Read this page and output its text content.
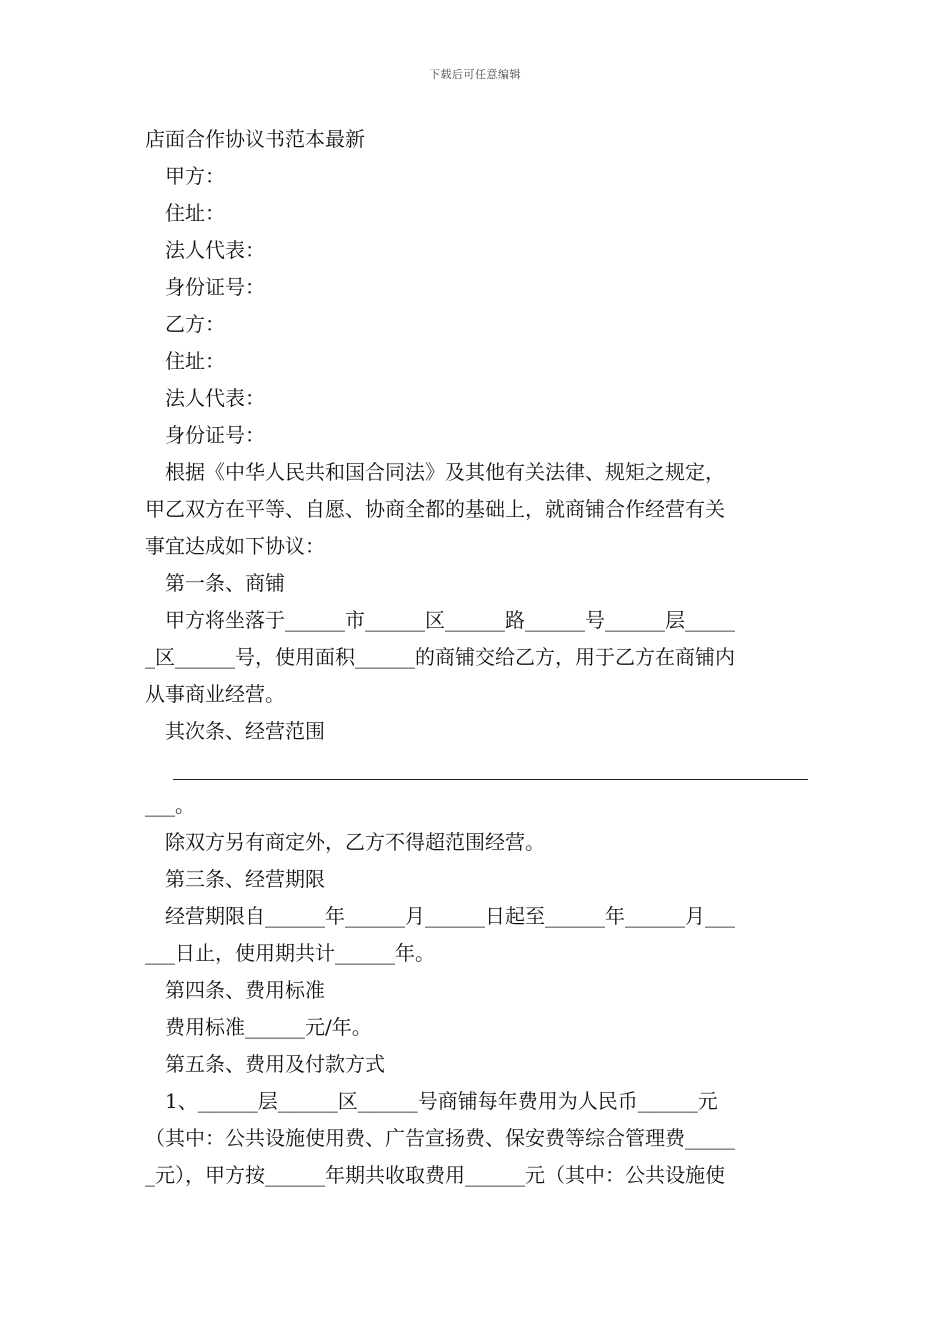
下载后可任意编辑
店面合作协议书范本最新
甲方：
住址：
法人代表：
身份证号：
乙方：
住址：
法人代表：
身份证号：
根据《中华人民共和国合同法》及其他有关法律、规矩之规定，
甲乙双方在平等、自愿、协商全都的基础上，就商铺合作经营有关
事宜达成如下协议：
第一条、商铺
甲方将坐落于______市______区______路______号______层_____
_区______号，使用面积______的商铺交给乙方，用于乙方在商铺内
从事商业经营。
其次条、经营范围
___。
除双方另有商定外，乙方不得超范围经营。
第三条、经营期限
经营期限自______年______月______日起至______年______月___
___日止，使用期共计______年。
第四条、费用标准
费用标准______元/年。
第五条、费用及付款方式
1、______层______区______号商铺每年费用为人民币______元
（其中：公共设施使用费、广告宣扬费、保安费等综合管理费_____
_元），甲方按______年期共收取费用______元（其中：公共设施使
